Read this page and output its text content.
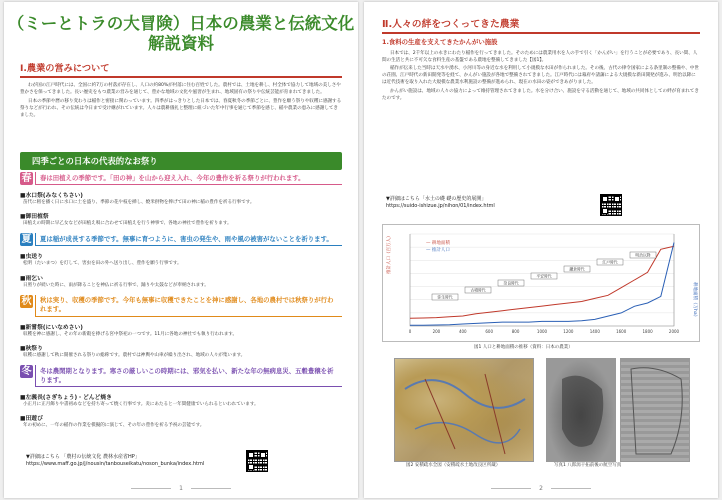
（ミーとトラの大冒険）日本の農業と伝統文化
解説資料
Ⅰ.農業の営みについて

わが国の江戸時代には、全国に約7万の村落が存在し、人口の約80%が村落に住む百姓でした。農村では、土地を耕し、村全体で協力して地域の美しさや豊かさを保ってきました。長い歴史をもつ農業の営みを通じて、豊かな地域の文化や風習が生まれ、地域固有の祭りや伝統芸能が育まれてきました。

日本の季節や暦の移り変わりは稲作と密接に関わっています。四季がはっきりとした日本では、春夏秋冬の季節ごとに、豊作を願う祭りや収穫に感謝する祭りなどが行われ、その伝統は今日まで受け継がれています。人々は農耕儀礼と整理に紐づいた年中行事を通じて季節を感じ、稲や農業の恵みに感謝してきました。

四季ごとの日本の代表的なお祭り
春	春は田植えの季節です。「田の神」を山から迎え入れ、今年の豊作を祈る祭りが行われます。
■水口祭(みなくちさい)
苗代に籾を播く日に水口に土を盛り、季節の花や枝を挿し、焼米供物を捧げて田の神に稲の豊作を祈る行事です。
■御田植祭
田植えの時期に早乙女などが田植え唄に合わせて田植えを行う神事で、各地の神社で豊作を祈ります。
夏	夏は稲が成長する季節です。無事に育つように、害虫の発生や、雨や風の被害がないことを祈ります。
■虫送り
松明（たいまつ）を灯して、害虫を田の外へ送り出し、豊作を願う行事です。
■雨乞い
日照りが続いた時に、雨が降ることを神仏に祈る行事で、踊りや太鼓などが奉納されます。
秋	秋は実り、収穫の季節です。今年も無事に収穫できたことを神に感謝し、各地の農村では秋祭りが行われます。
■新嘗祭(にいなめさい)
収穫を神に感謝し、その年の新穀を捧げる宮中祭祀の一つです。11月に各地の神社でも執り行われます。
■秋祭り
収穫に感謝して秋に開催される祭りの総称です。農村では神輿や山車が繰り出され、地域の人々が集います。
冬	冬は農閑期となります。寒さの厳しいこの時期には、邪気を払い、新たな年の無病息災、五穀豊穣を祈ります。
■左義長(さぎちょう)・どんど焼き
小正月に正月飾りや書初めなどを持ち寄って焼く行事です。炎にあたると一年間健康でいられるといわれています。
■田遊び
年の初めに、一年の稲作の作業を模擬的に演じて、その年の豊作を祈る予祝の芸能です。
▼詳細はこちら 「農村の伝統文化 農林水産省HP」
https://www.maff.go.jp/j/nousin/tanbouseikatu/noson_bunka/index.html
1
Ⅱ.人々の絆をつくってきた農業
1.食料の生産を支えてきたかんがい施設

日本では、2千年以上の永きにわたり稲作を行ってきました。そのためには農業用水を人の手で引く「かんがい」を行うことが必要であり、長い間、人間の生活と共に不可欠な食料生産の基盤である農地を整備してきました【図1】。

稲作が伝来した当時は天水や湧水、小河川等の身近な水を利用して小規模な水田が作られました。その後、古代の律令国家による条里制の整備や、中世の荘園、江戸時代の新田開発等を経て、かんがい施設が各地で整備されてきました。江戸時代には幕府や諸藩による大規模な新田開発が進み、明治以降には近代技術を取り入れた大規模な農業水利施設の整備が進められ、現在の水田の姿ができあがりました。

かんがい施設は、地域の人々の協力によって維持管理されてきました。水を分け合い、施設を守る活動を通じて、地域の共同体としての絆が育まれてきたのです。

▼詳細はこちら「水土の礎 礎の歴史的展開」
https://suido-ishizue.jp/nihon/01/index.html
— 耕地面積
— 推計人口
弥生時代
古墳時代
奈良時代
平安時代
鎌倉時代
江戸時代
明治以降
0	200	400	600	800	1000	1200	1400	1600	1800	2000
推計人口（百万人）
耕地面積（万ha）
図1 人口と耕地面積の推移（資料：日本の農業）
図2 安積疏水全図（安積疏水土地改良区所蔵）	写真1 八郎潟干拓前後の航空写真
2
